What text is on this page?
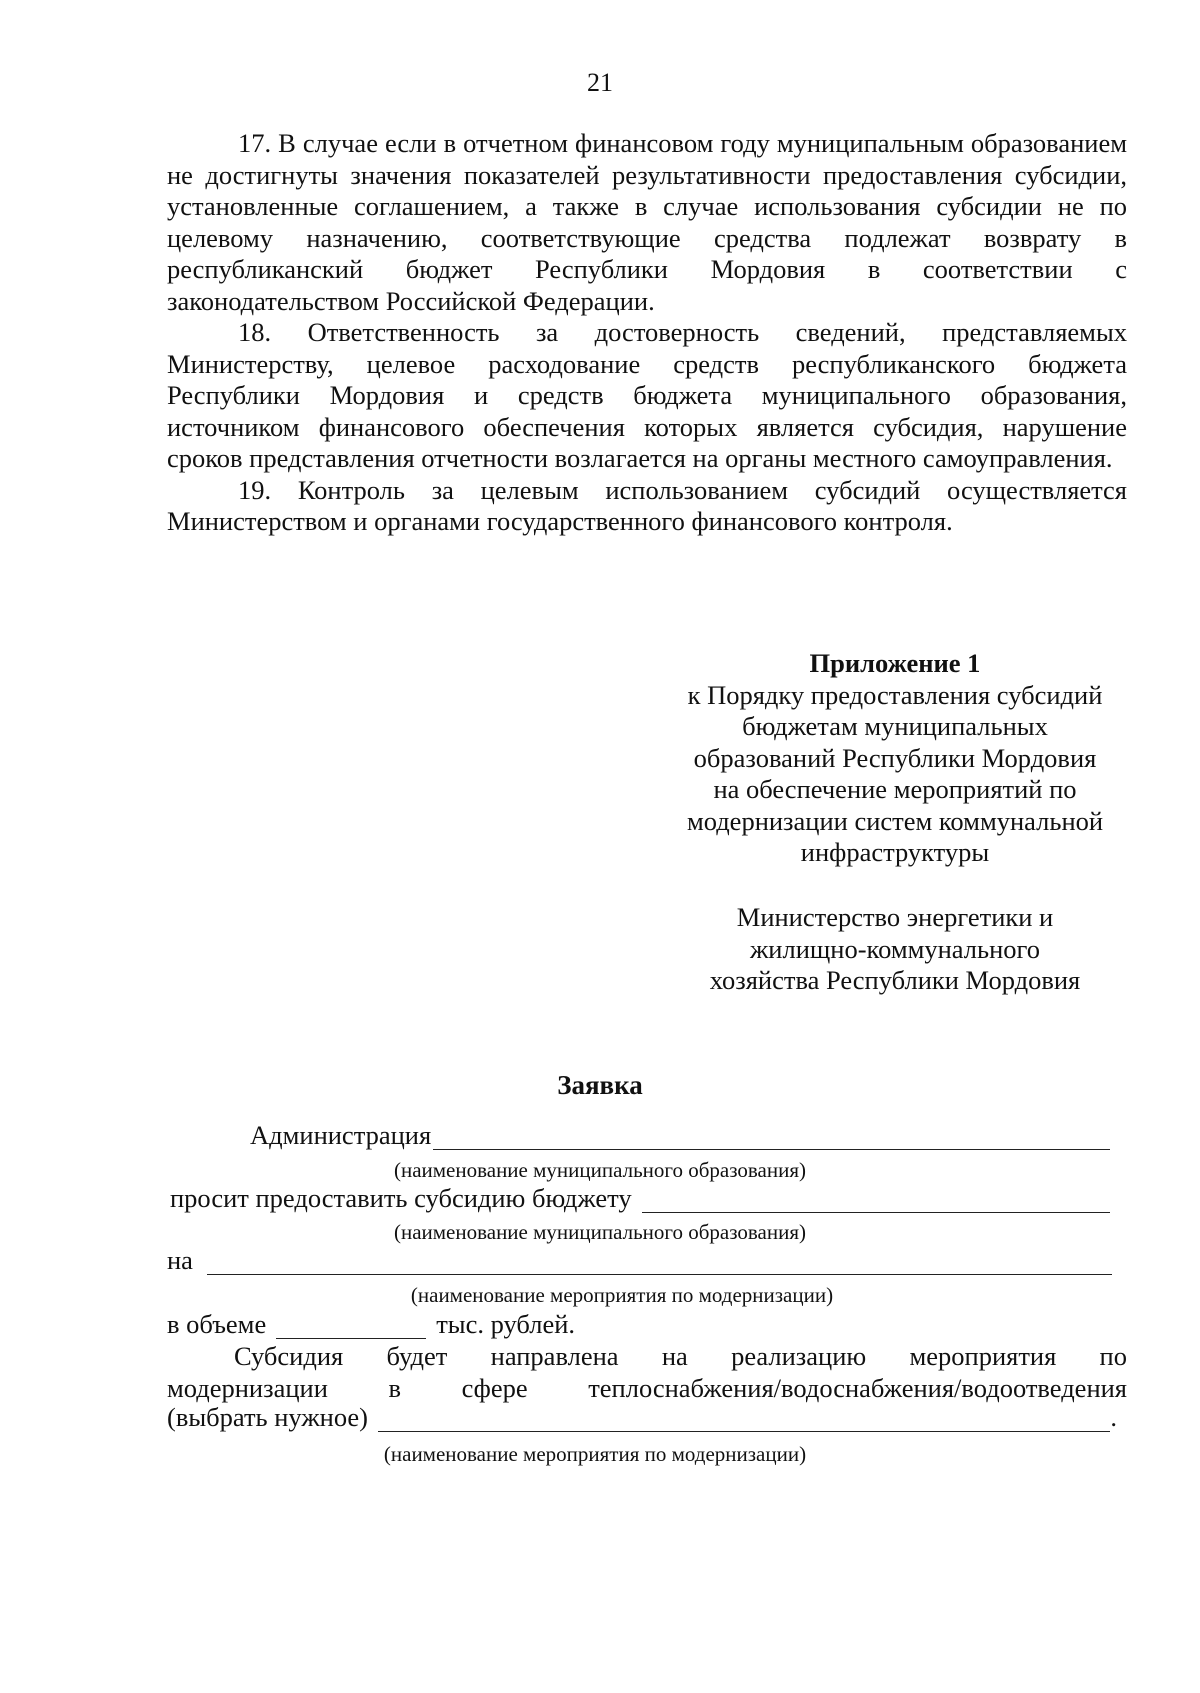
21

17. В случае если в отчетном финансовом году муниципальным образованием не достигнуты значения показателей результативности предоставления субсидии, установленные соглашением, а также в случае использования субсидии не по целевому назначению, соответствующие средства подлежат возврату в республиканский бюджет Республики Мордовия в соответствии с законодательством Российской Федерации.

18. Ответственность за достоверность сведений, представляемых Министерству, целевое расходование средств республиканского бюджета Республики Мордовия и средств бюджета муниципального образования, источником финансового обеспечения которых является субсидия, нарушение сроков представления отчетности возлагается на органы местного самоуправления.

19. Контроль за целевым использованием субсидий осуществляется Министерством и органами государственного финансового контроля.

Приложение 1
к Порядку предоставления субсидий
бюджетам муниципальных
образований Республики Мордовия
на обеспечение мероприятий по
модернизации систем коммунальной
инфраструктуры
Министерство энергетики и
жилищно-коммунального
хозяйства Республики Мордовия
Заявка
Администрация
(наименование муниципального образования)
просит предоставить субсидию бюджету
(наименование муниципального образования)
на
(наименование мероприятия по модернизации)
в объеме	тыс. рублей.
Субсидия будет направлена на реализацию мероприятия по
модернизации в сфере теплоснабжения/водоснабжения/водоотведения
(выбрать нужное)	.
(наименование мероприятия по модернизации)
